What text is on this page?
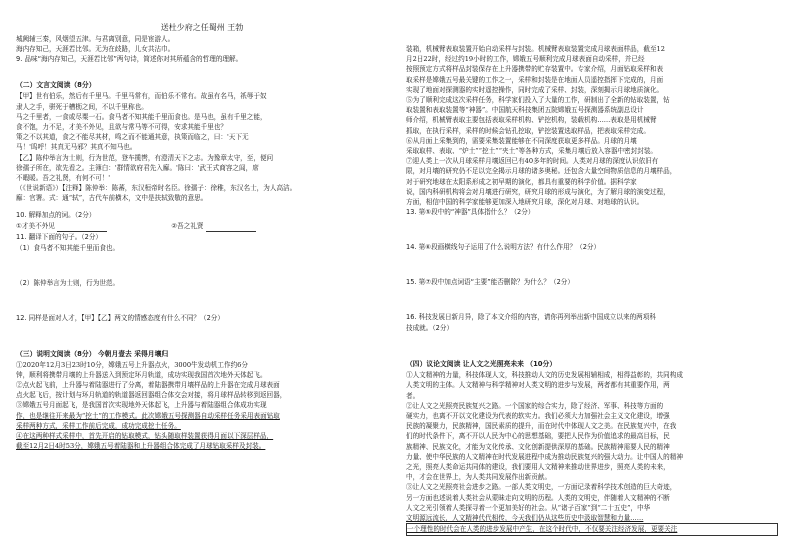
送杜少府之任蜀州 王勃
城阙辅三秦，风烟望五津。与君离别意，同是宦游人。
海内存知己，天涯若比邻。无为在歧路，儿女共沾巾。
9. 品味“海内存知己，天涯若比邻”两句诗，简述你对其所蕴含的哲理的理解。
（二）文言文阅读（8分）
【甲】世有伯乐，然后有千里马。千里马常有，而伯乐不常有。故虽有名马，祇辱于奴
隶人之手，骈死于槽枥之间，不以千里称也。
马之千里者，一食或尽粟一石。食马者不知其能千里而食也。是马也，虽有千里之能，
食不饱，力不足，才美不外见，且欲与常马等不可得，安求其能千里也？
策之不以其道，食之不能尽其材，鸣之而不能通其意，执策而临之，曰：'天下无
马！'呜呼！其真无马邪？其真不知马也。
【乙】陈仲举言为士则，行为世范，登车揽辔，有澄清天下之志。为豫章太守，至，便问
徐孺子所在，欲先看之。主簿白：'群情欲府君先入廨。'陈曰：'武王式商容之闾，席
不暇暖。吾之礼贤，有何不可！'
（《世说新语》）【注释】陈仲举：陈蕃，东汉桓帝时名臣。徐孺子：徐稚，东汉名士，为人高洁。
廨：官署。式：通“轼”，古代车前横木，文中是扶轼致敬的意思。
10. 解释加点的词。（2分）
①才美不外见	②吾之礼贤
11. 翻译下面的句子。（2分）
（1）食马者不知其能千里而食也。
（2）陈仲举言为士则，行为世范。
12. 同样是面对人才，【甲】【乙】两文的情感态度有什么不同？（2分）
（三）说明文阅读（8分） 今朝月壹去 采得月壤归
①2020年12月3日23时10分，嫦娥五号上升器点火，3000牛发动机工作约6分
钟，顺利将携带月壤的上升器送入到预定环月轨道，成功实现我国首次地外天体起飞。
②点火起飞前，上升器与着陆器进行了分离，着陆器携带月壤样品的上升器在完成月球表面
点火起飞后，按计划与环月轨道的轨道器返回器组合体交会对接，将月球样品转移到返回器，
③嫦娥五号月面起飞，是我国首次实现地外天体起飞，上升器与着陆器组合体成功实现
作，也是继往开来最为“挖土”的工作模式。此次嫦娥五号探测器自动采样任务采用表面钻取
采样两种方式，采样工作前后完成，成功完成挖土任务。
④在这两种样式采样中，首先开启的钻取模式，钻头随取样装置获得月面以下深层样品，
截至12月2日4时53分，嫦娥五号着陆器和上升器组合体完成了月球钻取采样及封装。
装箱，机械臂表取装置开始自动采样与封装。机械臂表取装置完成月球表面样品，截至12
月2日22时，经过约19小时的工作，嫦娥五号顺利完成月球表面自动采样，并已经
按照预定方式将样品封装保存在上升器携带的贮存装置中。专家介绍，月面钻取采样和表
取采样是嫦娥五号最关键的工作之一，采样和封装是在地面人员遥控指挥下完成的，月面
实现了地面对探测器的实时遥控操作，同时完成了采样、封装，深刻揭示月球地质演化。
⑤为了顺利完成这次采样任务，科学家们投入了大量的工作，研制出了全新的钻取装置，钻
取装置和表取装置等“神器”。中国航天科技集团五院嫦娥五号探测器系统副总设计
师介绍，机械臂表取主要包括表取采样机构、铲挖机构，装载机构……表取是用机械臂
抓取，在执行采样，采样的时候会钻孔挖取，铲挖装置选取样品，把表取采样完成。
⑥从月面上采集到的，需要采集装置能够在不同深度获取更多样品。月球的月壤
采取取样、表取、“炉土”“挖土”“夹土”等各种方式，采集月壤后放入容器中密封封装。
⑦迎人类上一次从月球采样月壤返回已有40多年的时间。人类对月球的深度认识依旧有
限，对月壤的研究仍不足以完全揭示月球的诸多奥秘。还包含大量空间物质信息的月壤样品，
对于研究地球在太阳系形成之初早期的演化，都具有重要的科学价值。据科学家
说，国内科研机构将会对月壤进行研究，研究月球的形成与演化，为了解月球的演变过程，
方面，相信中国的科学家能够更加深入地研究月球，深化对月球、对地球的认识。
13. 第⑤段中的“神器”具体指什么？（2分）
14. 第⑥段画横线句子运用了什么说明方法？有什么作用？（2分）
15. 第⑦段中加点词语“主要”能否删除？为什么？（2分）
16. 科技发展日新月异，除了本文介绍的内容，请你再列举出新中国成立以来的两项科
技成就。（2分）
（四）议论文阅读 让人文之光照亮未来 （10分）
①人文精神的力量，科技体现人文，科技推动人文的历史发展相辅相成，相得益彰的，共同构成
人类文明的主体。人文精神与科学精神对人类文明的进步与发展，两者都有其重要作用，两
者。
②让人文之光照亮民族复兴之路。一个国家的综合实力，除了经济、军事、科技等方面的
硬实力，也离不开以文化建设为代表的软实力。我们必须大力加强社会主义文化建设，增强
民族的凝聚力，民族精神，国民素质的提升，而在时代中体现人文之美。在民族复兴中，在我
们的时代条件下，离不开以人民为中心的思想基础，要把人民作为价值追求的最高目标，民
族精神、民族文化，才能为文化传承、文化创新提供深厚的基础。民族精神需要人民的精神
力量、使中华民族的人文精神在时代发展进程中成为推动民族复兴的强大动力。让中国人的精神
之光，照亮人类命运共同体的建设，我们要用人文精神来推动世界进步，照亮人类的未来，
中，才会在世界上，为人类共同发展作出新贡献。
③让人文之光照亮社会进步之路。一部人类文明史，一方面记录着科学技术创造的巨大奇迹，
另一方面也述说着人类社会从蒙昧走向文明的历程。人类的文明史，伴随着人文精神的不断
人文之光引领着人类探寻着一个更加美好的社会。从“诸子百家”到“二十五史”，中华
文明源远流长，人文精神代代相传，今天我们仍从这些历史中汲取智慧和力量……
一个理性的时代会在人类的进步发展中产生，在这个时代中，不仅要关注经济发展，更要关注
